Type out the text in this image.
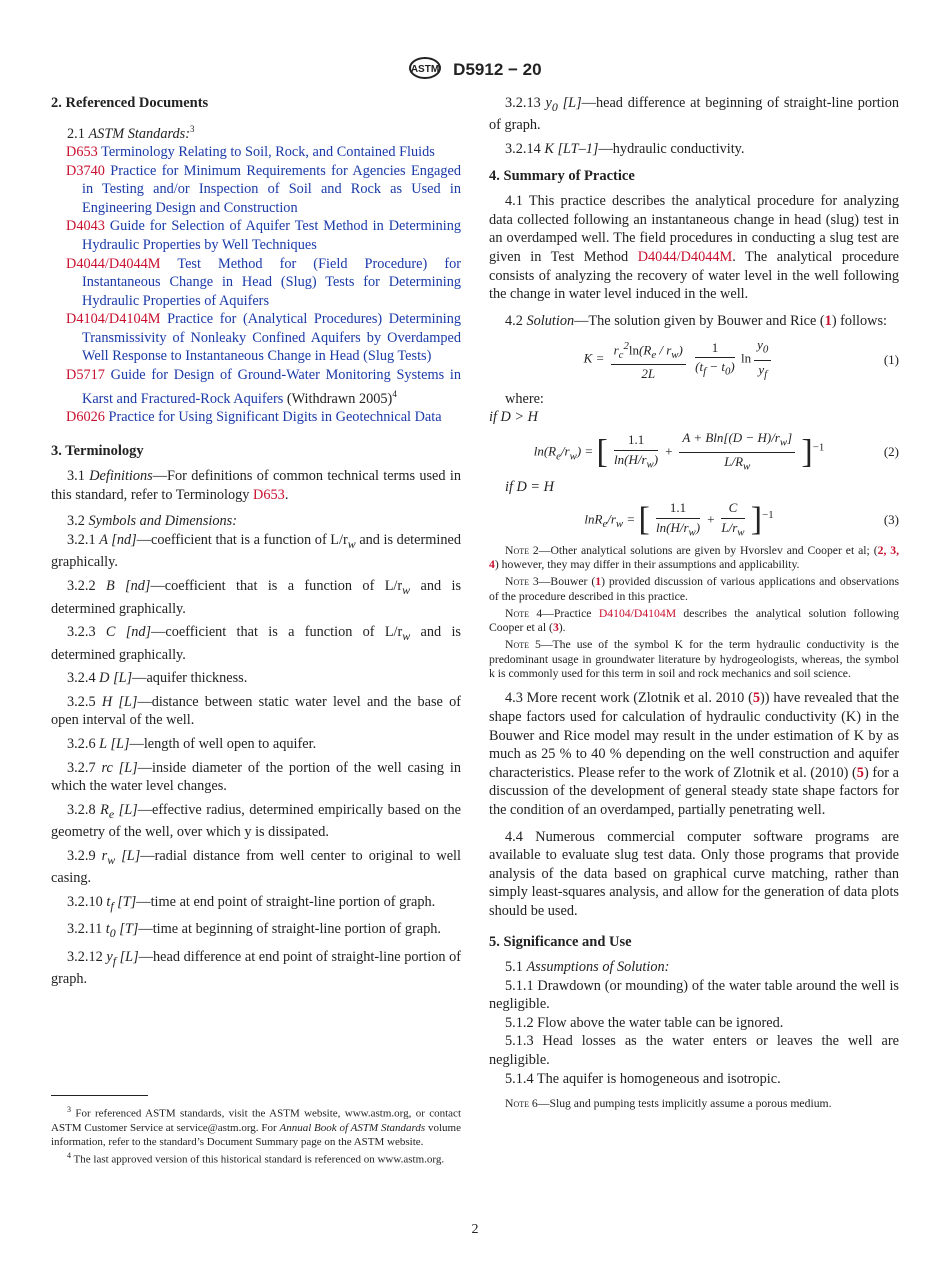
ASTM D5912 − 20
2. Referenced Documents

2.1 ASTM Standards:$^3$

D653 Terminology Relating to Soil, Rock, and Contained Fluids

D3740 Practice for Minimum Requirements for Agencies Engaged in Testing and/or Inspection of Soil and Rock as Used in Engineering Design and Construction

D4043 Guide for Selection of Aquifer Test Method in Determining Hydraulic Properties by Well Techniques

D4044/D4044M Test Method for (Field Procedure) for Instantaneous Change in Head (Slug) Tests for Determining Hydraulic Properties of Aquifers

D4104/D4104M Practice for (Analytical Procedures) Determining Transmissivity of Nonleaky Confined Aquifers by Overdamped Well Response to Instantaneous Change in Head (Slug Tests)

D5717 Guide for Design of Ground-Water Monitoring Systems in Karst and Fractured-Rock Aquifers (Withdrawn 2005)$^4$

D6026 Practice for Using Significant Digits in Geotechnical Data

3. Terminology

3.1 Definitions—For definitions of common technical terms used in this standard, refer to Terminology D653.

3.2 Symbols and Dimensions:

3.2.1 A [nd]—coefficient that is a function of $L/r_w$ and is determined graphically.

3.2.2 B [nd]—coefficient that is a function of $L/r_w$ and is determined graphically.

3.2.3 C [nd]—coefficient that is a function of $L/r_w$ and is determined graphically.

3.2.4 D [L]—aquifer thickness.

3.2.5 H [L]—distance between static water level and the base of open interval of the well.

3.2.6 L [L]—length of well open to aquifer.

3.2.7 rc [L]—inside diameter of the portion of the well casing in which the water level changes.

3.2.8 $R_e$ [L]—effective radius, determined empirically based on the geometry of the well, over which y is dissipated.

3.2.9 $r_w$ [L]—radial distance from well center to original to well casing.

3.2.10 $t_f$ [T]—time at end point of straight-line portion of graph.

3.2.11 $t_0$ [T]—time at beginning of straight-line portion of graph.

3.2.12 $y_f$ [L]—head difference at end point of straight-line portion of graph.

3.2.13 $y_0$ [L]—head difference at beginning of straight-line portion of graph.

3.2.14 K [LT–1]—hydraulic conductivity.

4. Summary of Practice

4.1 This practice describes the analytical procedure for analyzing data collected following an instantaneous change in head (slug) test in an overdamped well. The field procedures in conducting a slug test are given in Test Method D4044/D4044M. The analytical procedure consists of analyzing the recovery of water level in the well following the change in water level induced in the well.

4.2 Solution—The solution given by Bouwer and Rice (1) follows:

$K = \frac{r_c^2\ln(R_e / r_w)}{2L}$
$\frac{1}{(t_f - t_0)}$ $\ln \frac{y_0}{y_f}$	(1)

where:

if D > H

$\ln(R_e/r_w)$ = [ $\frac{1.1}{\ln(H/r_w)} + \frac{A + Bln[(D - H)/r_w]}{L/R_w} ]^{-1}$	(2)

if D = H

$\ln R_e/r_w$ = [ $\frac{1.1}{\ln(H/r_w)} + \frac{C}{L/r_w} ]^{-1}$	(3)

Note 2—Other analytical solutions are given by Hvorslev and Cooper et al; (2, 3, 4) however, they may differ in their assumptions and applicability.

Note 3—Bouwer (1) provided discussion of various applications and observations of the procedure described in this practice.

Note 4—Practice D4104/D4104M describes the analytical solution following Cooper et al (3).

Note 5—The use of the symbol K for the term hydraulic conductivity is the predominant usage in groundwater literature by hydrogeologists, whereas, the symbol k is commonly used for this term in soil and rock mechanics and soil science.

4.3 More recent work (Zlotnik et al. 2010 (5)) have revealed that the shape factors used for calculation of hydraulic conductivity (K) in the Bouwer and Rice model may result in the under estimation of K by as much as 25 % to 40 % depending on the well construction and aquifer characteristics. Please refer to the work of Zlotnik et al. (2010) (5) for a discussion of the development of general steady state shape factors for the condition of an overdamped, partially penetrating well.

4.4 Numerous commercial computer software programs are available to evaluate slug test data. Only those programs that provide analysis of the data based on graphical curve matching, rather than simply least-squares analysis, and allow for the generation of data plots should be used.

5. Significance and Use

5.1 Assumptions of Solution:

5.1.1 Drawdown (or mounding) of the water table around the well is negligible.

5.1.2 Flow above the water table can be ignored.

5.1.3 Head losses as the water enters or leaves the well are negligible.

5.1.4 The aquifer is homogeneous and isotropic.

Note 6—Slug and pumping tests implicitly assume a porous medium.

$^3$ For referenced ASTM standards, visit the ASTM website, www.astm.org, or contact ASTM Customer Service at service@astm.org. For Annual Book of ASTM Standards volume information, refer to the standard’s Document Summary page on the ASTM website.

$^4$ The last approved version of this historical standard is referenced on www.astm.org.

2
